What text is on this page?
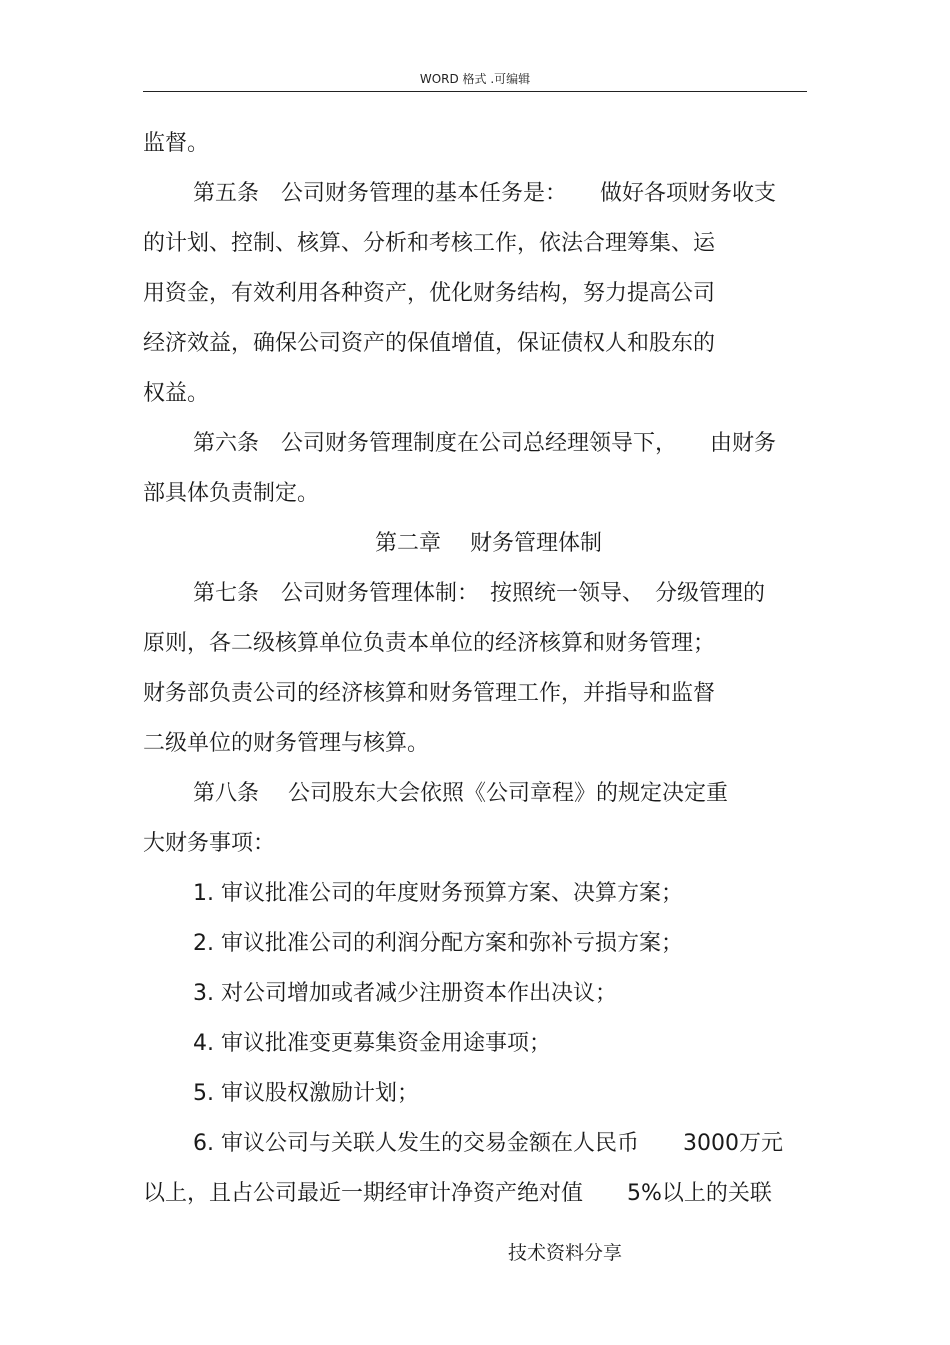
WORD 格式 .可编辑
监督。
第五条　公司财务管理的基本任务是：　　做好各项财务收支
的计划、控制、核算、分析和考核工作，依法合理筹集、运
用资金，有效利用各种资产，优化财务结构，努力提高公司
经济效益，确保公司资产的保值增值，保证债权人和股东的
权益。
第六条　公司财务管理制度在公司总经理领导下，　　由财务
部具体负责制定。
第二章　 财务管理体制
第七条　公司财务管理体制：　按照统一领导、　分级管理的
原则，各二级核算单位负责本单位的经济核算和财务管理；
财务部负责公司的经济核算和财务管理工作，并指导和监督
二级单位的财务管理与核算。
第八条　 公司股东大会依照《公司章程》的规定决定重
大财务事项：
1. 审议批准公司的年度财务预算方案、决算方案；
2. 审议批准公司的利润分配方案和弥补亏损方案；
3. 对公司增加或者减少注册资本作出决议；
4. 审议批准变更募集资金用途事项；
5. 审议股权激励计划；
6. 审议公司与关联人发生的交易金额在人民币　　3000万元
以上，且占公司最近一期经审计净资产绝对值　　5%以上的关联
技术资料分享
